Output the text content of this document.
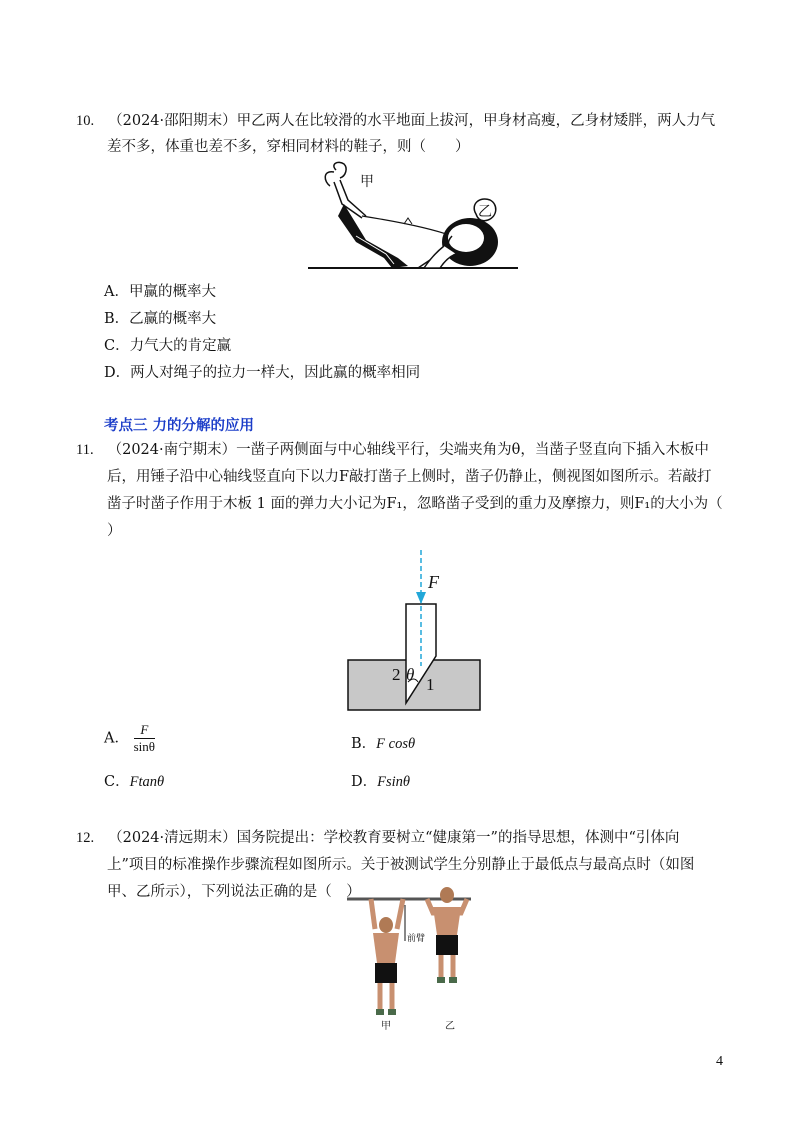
10. （2024·邵阳期末）甲乙两人在比较滑的水平地面上拔河，甲身材高瘦，乙身材矮胖，两人力气
差不多，体重也差不多，穿相同材料的鞋子，则（　　）
甲
乙
A．甲赢的概率大
B．乙赢的概率大
C．力气大的肯定赢
D．两人对绳子的拉力一样大，因此赢的概率相同
考点三 力的分解的应用
11. （2024·南宁期末）一凿子两侧面与中心轴线平行，尖端夹角为θ，当凿子竖直向下插入木板中
后，用锤子沿中心轴线竖直向下以力F敲打凿子上侧时，凿子仍静止，侧视图如图所示。若敲打
凿子时凿子作用于木板 1 面的弹力大小记为F₁，忽略凿子受到的重力及摩擦力，则F₁的大小为（
）
F
θ
2
1
A． $\frac{F}{\sin\theta}$	B．F cosθ
C．Ftanθ	D．Fsinθ
12. （2024·清远期末）国务院提出：学校教育要树立“健康第一”的指导思想，体测中“引体向
上”项目的标准操作步骤流程如图所示。关于被测试学生分别静止于最低点与最高点时（如图
甲、乙所示），下列说法正确的是（　）
前臂
甲	乙
4
